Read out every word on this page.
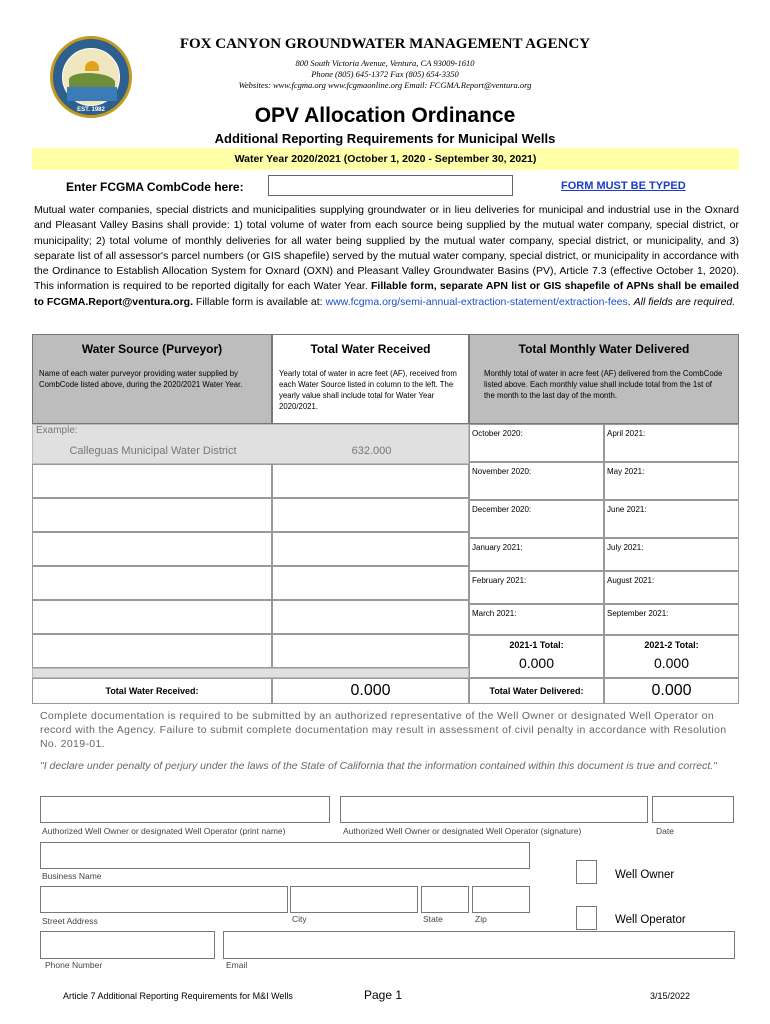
EST. 1982
FOX CANYON GROUNDWATER MANAGEMENT AGENCY
800 South Victoria Avenue, Ventura, CA 93009-1610
Phone (805) 645-1372 Fax (805) 654-3350
Websites: www.fcgma.org www.fcgmaonline.org Email: FCGMA.Report@ventura.org
OPV Allocation Ordinance
Additional Reporting Requirements for Municipal Wells
Water Year 2020/2021 (October 1, 2020 - September 30, 2021)
Enter FCGMA CombCode here:	FORM MUST BE TYPED
Mutual water companies, special districts and municipalities supplying groundwater or in lieu deliveries for municipal and industrial use in the Oxnard and Pleasant Valley Basins shall provide: 1) total volume of water from each source being supplied by the mutual water company, special district, or municipality; 2) total volume of monthly deliveries for all water being supplied by the mutual water company, special district, or municipality, and 3) separate list of all assessor's parcel numbers (or GIS shapefile) served by the mutual water company, special district, or municipality in accordance with the Ordinance to Establish Allocation System for Oxnard (OXN) and Pleasant Valley Groundwater Basins (PV), Article 7.3 (effective October 1, 2020). This information is required to be reported digitally for each Water Year. Fillable form, separate APN list or GIS shapefile of APNs shall be emailed to FCGMA.Report@ventura.org. Fillable form is available at: www.fcgma.org/semi-annual-extraction-statement/extraction-fees. All fields are required.
Water Source (Purveyor)
Name of each water purveyor providing water supplied by CombCode listed above, during the 2020/2021 Water Year.
Total Water Received
Yearly total of water in acre feet (AF), received from each Water Source listed in column to the left. The yearly value shall include total for Water Year 2020/2021.
Total Monthly Water Delivered
Monthly total of water in acre feet (AF) delivered from the CombCode listed above. Each monthly value shall include total from the 1st of the month to the last day of the month.
Example:
Calleguas Municipal Water District	632.000
October 2020:	April 2021:
November 2020:	May 2021:
December 2020:	June 2021:
January 2021:	July 2021:
February 2021:	August 2021:
March 2021:	September 2021:
2021-1 Total:
0.000
2021-2 Total:
0.000
Total Water Received:	0.000	Total Water Delivered:	0.000
Complete documentation is required to be submitted by an authorized representative of the Well Owner or designated Well Operator on record with the Agency. Failure to submit complete documentation may result in assessment of civil penalty in accordance with Resolution No. 2019-01.
"I declare under penalty of perjury under the laws of the State of California that the information contained within this document is true and correct."
Authorized Well Owner or designated Well Operator (print name)	Authorized Well Owner or designated Well Operator (signature)	Date
Business Name
Street Address	City	State	Zip
Phone Number	Email
Well Owner
Well Operator
Article 7 Additional Reporting Requirements for M&I Wells	Page 1	3/15/2022
